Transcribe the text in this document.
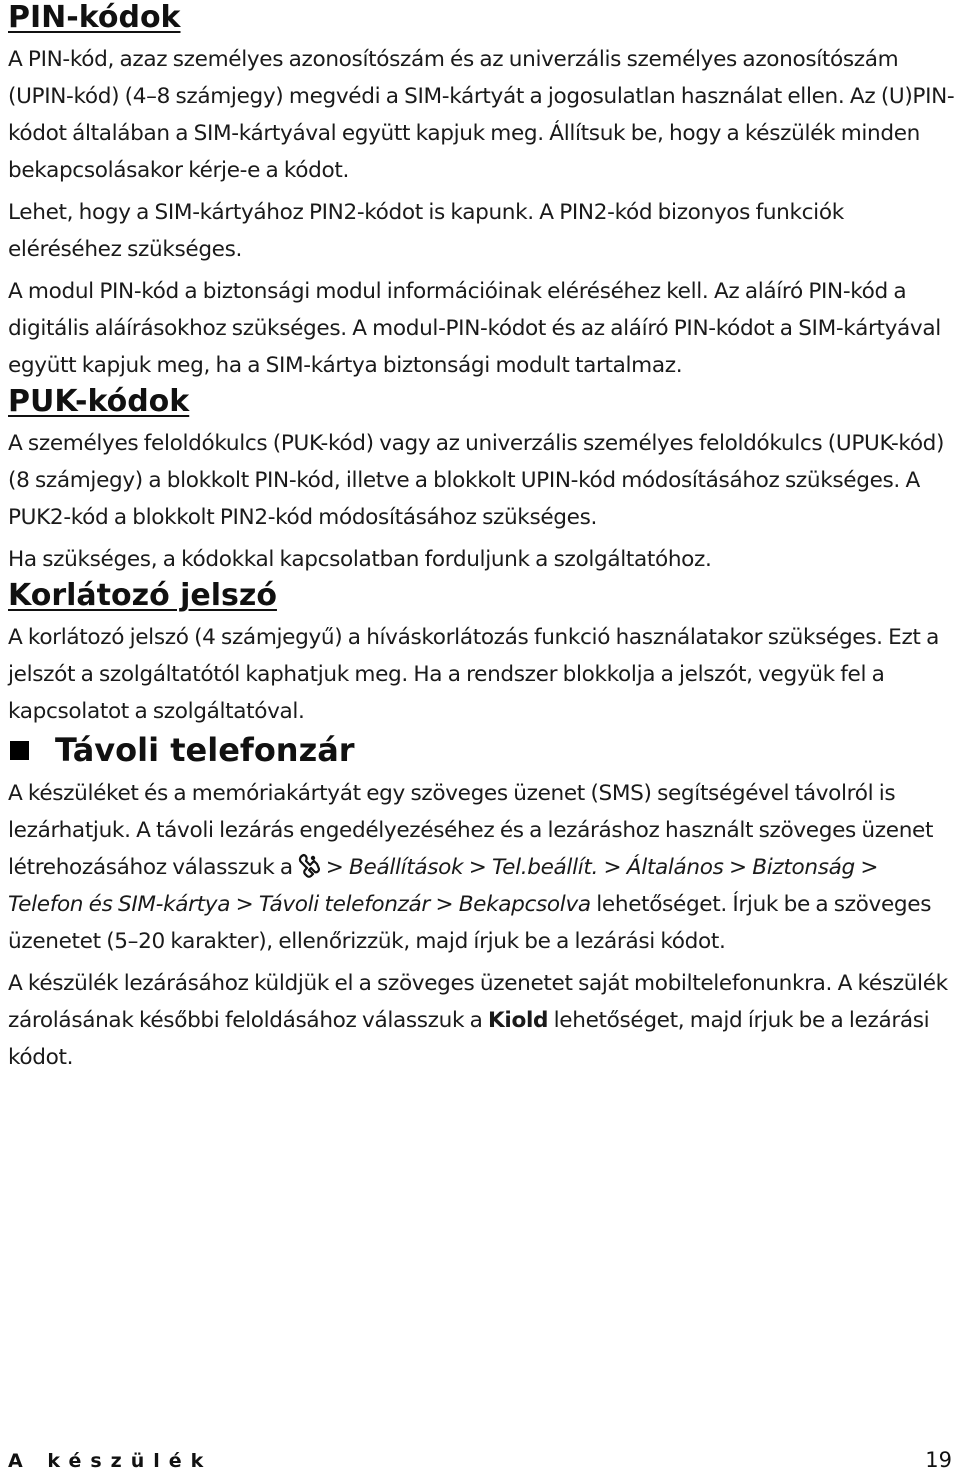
PIN-kódok

A PIN-kód, azaz személyes azonosítószám és az univerzális személyes azonosítószám (UPIN-kód) (4–8 számjegy) megvédi a SIM-kártyát a jogosulatlan használat ellen. Az (U)PIN-kódot általában a SIM-kártyával együtt kapjuk meg. Állítsuk be, hogy a készülék minden bekapcsolásakor kérje-e a kódot.

Lehet, hogy a SIM-kártyához PIN2-kódot is kapunk. A PIN2-kód bizonyos funkciók eléréséhez szükséges.

A modul PIN-kód a biztonsági modul információinak eléréséhez kell. Az aláíró PIN-kód a digitális aláírásokhoz szükséges. A modul-PIN-kódot és az aláíró PIN-kódot a SIM-kártyával együtt kapjuk meg, ha a SIM-kártya biztonsági modult tartalmaz.

PUK-kódok

A személyes feloldókulcs (PUK-kód) vagy az univerzális személyes feloldókulcs (UPUK-kód) (8 számjegy) a blokkolt PIN-kód, illetve a blokkolt UPIN-kód módosításához szükséges. A PUK2-kód a blokkolt PIN2-kód módosításához szükséges.

Ha szükséges, a kódokkal kapcsolatban forduljunk a szolgáltatóhoz.

Korlátozó jelszó

A korlátozó jelszó (4 számjegyű) a híváskorlátozás funkció használatakor szükséges. Ezt a jelszót a szolgáltatótól kaphatjuk meg. Ha a rendszer blokkolja a jelszót, vegyük fel a kapcsolatot a szolgáltatóval.

Távoli telefonzár

A készüléket és a memóriakártyát egy szöveges üzenet (SMS) segítségével távolról is lezárhatjuk. A távoli lezárás engedélyezéséhez és a lezáráshoz használt szöveges üzenet létrehozásához válasszuk a  > Beállítások > Tel.beállít. > Általános > Biztonság > Telefon és SIM-kártya > Távoli telefonzár > Bekapcsolva lehetőséget. Írjuk be a szöveges üzenetet (5–20 karakter), ellenőrizzük, majd írjuk be a lezárási kódot.

A készülék lezárásához küldjük el a szöveges üzenetet saját mobiltelefonunkra. A készülék zárolásának későbbi feloldásához válasszuk a Kiold lehetőséget, majd írjuk be a lezárási kódot.

A készülék	19
